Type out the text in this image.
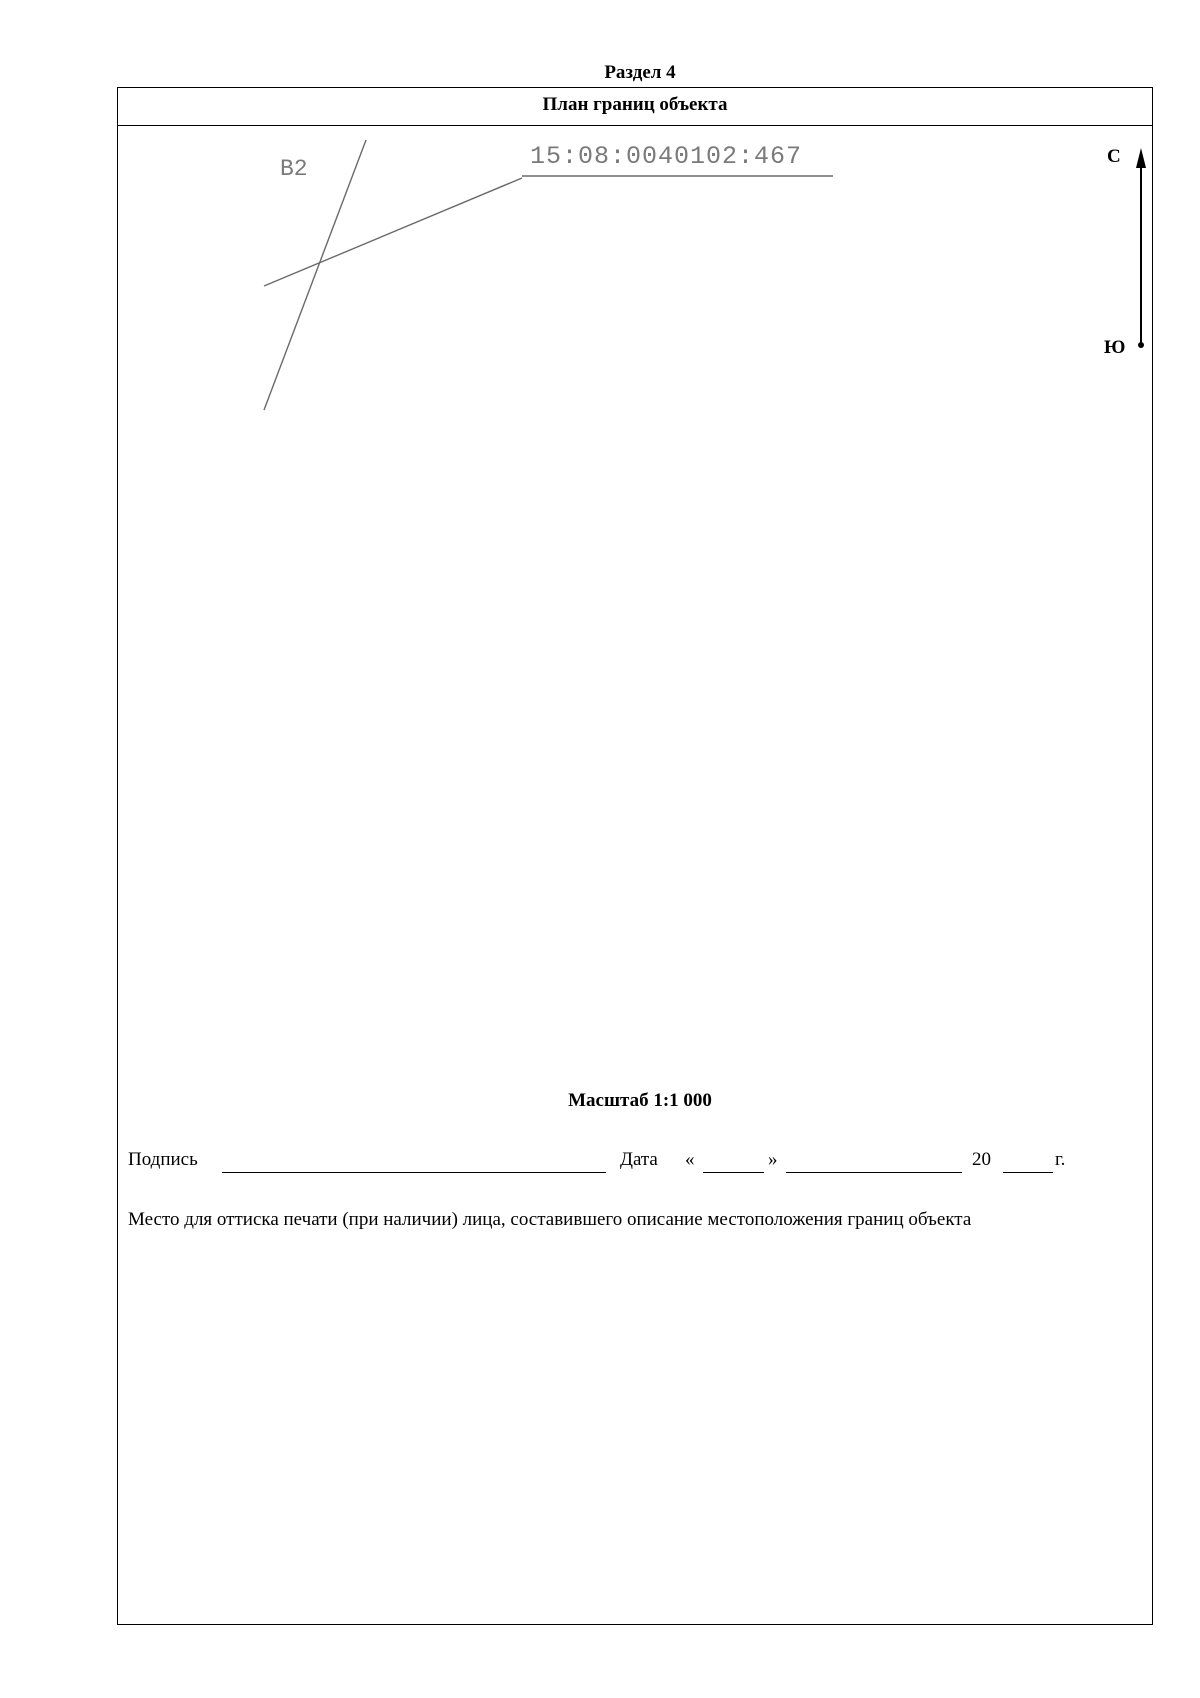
Раздел 4
План границ объекта
B2	15:08:0040102:467	С
Ю
Масштаб 1:1 000
Подпись	Дата «	»	20	г.
Место для оттиска печати (при наличии) лица, составившего описание местоположения границ объекта
